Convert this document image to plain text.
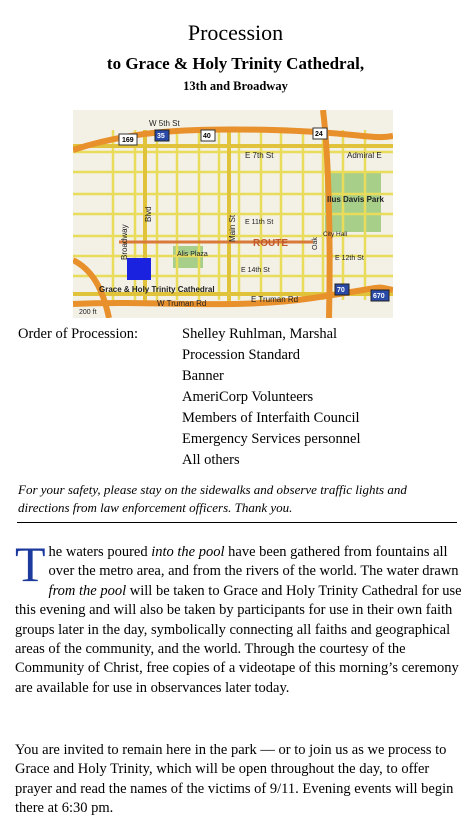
Procession
to Grace & Holy Trinity Cathedral,
13th and Broadway
169
35	40	24
70
670
W 5th St
E 7th St	Admiral E
E 11th St
E 12th St
E 14th St
W Truman Rd	E Truman Rd
Broadway
Blvd
Main St
Oak
City Hall
ROUTE
Alis Plaza
Ilus Davis Park
Grace & Holy Trinity Cathedral
200 ft
Order of Procession:	Shelley Ruhlman, Marshal
Procession Standard
Banner
AmeriCorp Volunteers
Members of Interfaith Council
Emergency Services personnel
All others
For your safety, please stay on the sidewalks and observe traffic lights and directions from law enforcement officers. Thank you.

The waters poured into the pool have been gathered from fountains all over the metro area, and from the rivers of the world. The water drawn from the pool will be taken to Grace and Holy Trinity Cathedral for use this evening and will also be taken by participants for use in their own faith groups later in the day, symbolically connecting all faiths and geographical areas of the community, and the world. Through the courtesy of the Community of Christ, free copies of a videotape of this morning’s ceremony are available for use in observances later today.

You are invited to remain here in the park — or to join us as we process to Grace and Holy Trinity, which will be open throughout the day, to offer prayer and read the names of the victims of 9/11. Evening events will begin there at 6:30 pm.
